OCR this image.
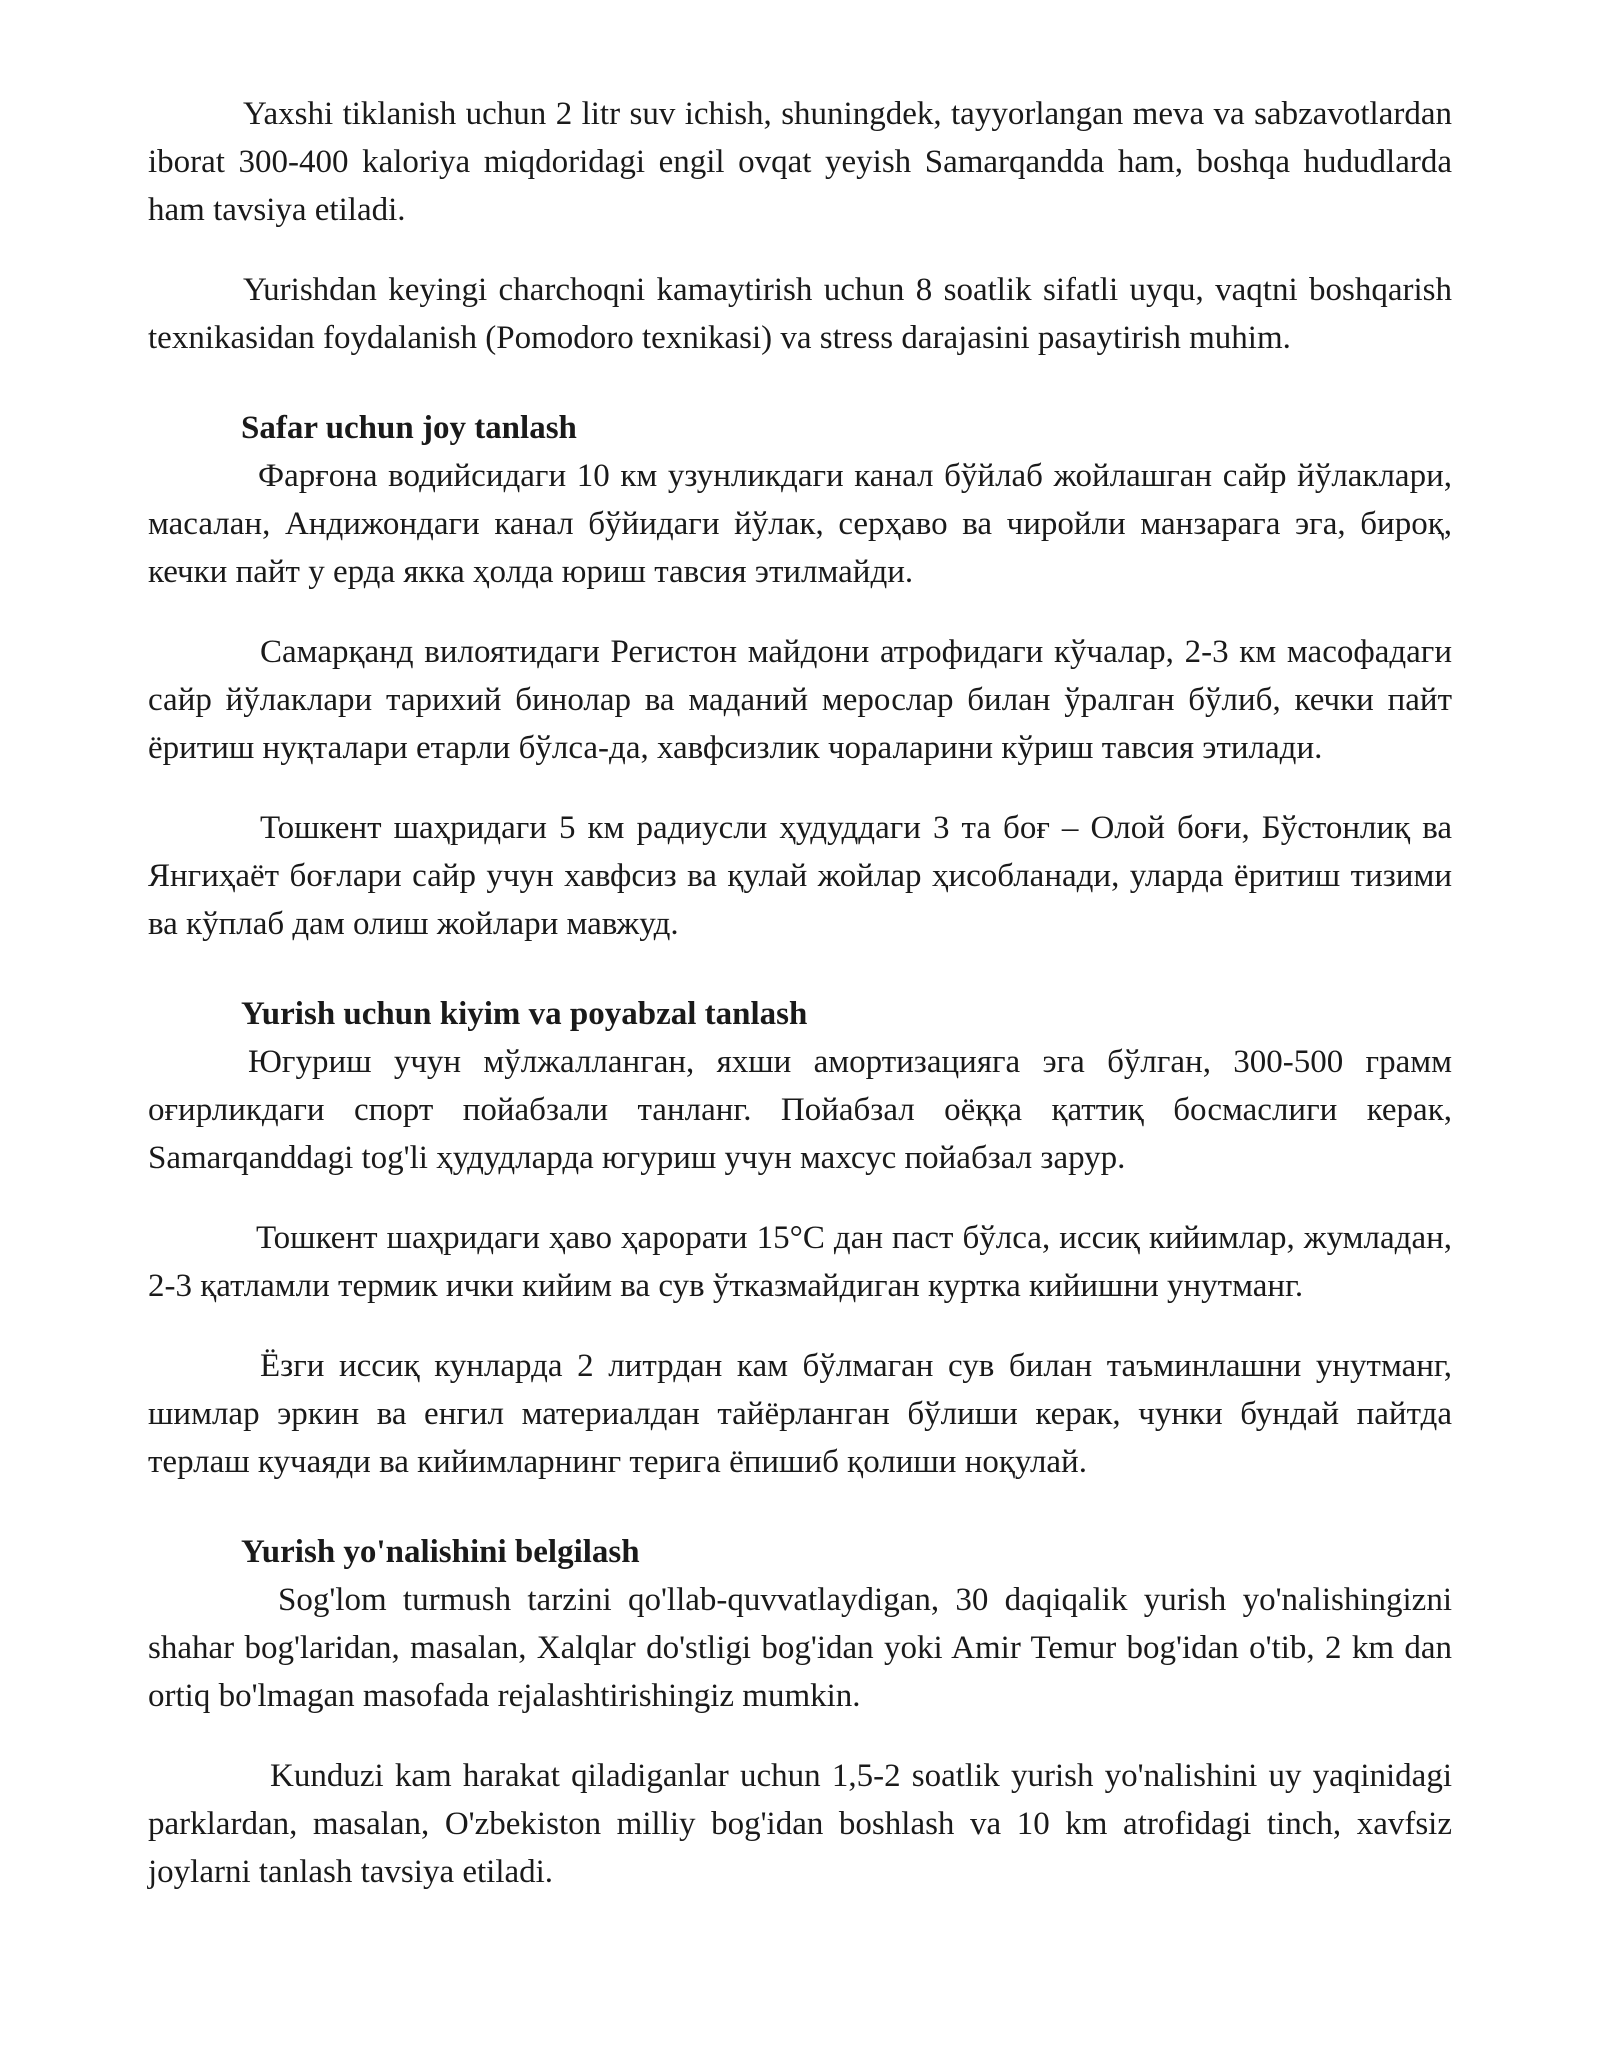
Yaxshi tiklanish uchun 2 litr suv ichish, shuningdek, tayyorlangan meva va sabzavotlardan iborat 300-400 kaloriya miqdoridagi engil ovqat yeyish Samarqandda ham, boshqa hududlarda ham tavsiya etiladi.

Yurishdan keyingi charchoqni kamaytirish uchun 8 soatlik sifatli uyqu, vaqtni boshqarish texnikasidan foydalanish (Pomodoro texnikasi) va stress darajasini pasaytirish muhim.

Safar uchun joy tanlash

Фарғона водийсидаги 10 км узунликдаги канал бўйлаб жойлашган сайр йўлаклари, масалан, Андижондаги канал бўйидаги йўлак, серҳаво ва чиройли манзарага эга, бироқ, кечки пайт у ерда якка ҳолда юриш тавсия этилмайди.

Самарқанд вилоятидаги Регистон майдони атрофидаги кўчалар, 2-3 км масофадаги сайр йўлаклари тарихий бинолар ва маданий мерослар билан ўралган бўлиб, кечки пайт ёритиш нуқталари етарли бўлса-да, хавфсизлик чораларини кўриш тавсия этилади.

Тошкент шаҳридаги 5 км радиусли ҳудуддаги 3 та боғ – Олой боғи, Бўстонлиқ ва Янгиҳаёт боғлари сайр учун хавфсиз ва қулай жойлар ҳисобланади, уларда ёритиш тизими ва кўплаб дам олиш жойлари мавжуд.

Yurish uchun kiyim va poyabzal tanlash

Югуриш учун мўлжалланган, яхши амортизацияга эга бўлган, 300-500 грамм оғирликдаги спорт пойабзали танланг. Пойабзал оёққа қаттиқ босмаслиги керак, Samarqanddagi tog'li ҳудудларда югуриш учун махсус пойабзал зарур.

Тошкент шаҳридаги ҳаво ҳарорати 15°С дан паст бўлса, иссиқ кийимлар, жумладан, 2-3 қатламли термик ички кийим ва сув ўтказмайдиган куртка кийишни унутманг.

Ёзги иссиқ кунларда 2 литрдан кам бўлмаган сув билан таъминлашни унутманг, шимлар эркин ва енгил материалдан тайёрланган бўлиши керак, чунки бундай пайтда терлаш кучаяди ва кийимларнинг терига ёпишиб қолиши ноқулай.

Yurish yo'nalishini belgilash

Sog'lom turmush tarzini qo'llab-quvvatlaydigan, 30 daqiqalik yurish yo'nalishingizni shahar bog'laridan, masalan, Xalqlar do'stligi bog'idan yoki Amir Temur bog'idan o'tib, 2 km dan ortiq bo'lmagan masofada rejalashtirishingiz mumkin.

Kunduzi kam harakat qiladiganlar uchun 1,5-2 soatlik yurish yo'nalishini uy yaqinidagi parklardan, masalan, O'zbekiston milliy bog'idan boshlash va 10 km atrofidagi tinch, xavfsiz joylarni tanlash tavsiya etiladi.
